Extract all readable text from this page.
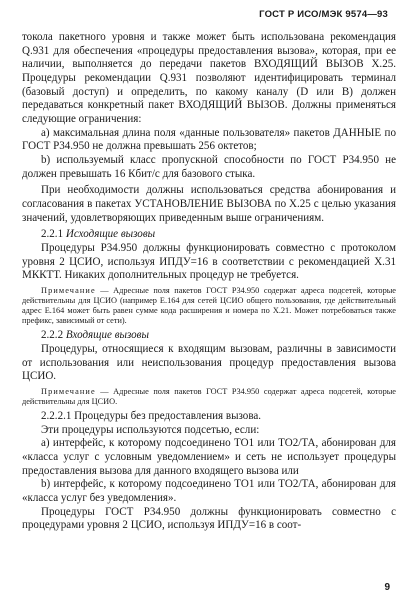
ГОСТ Р ИСО/МЭК 9574—93

токола пакетного уровня и также может быть использована рекомендация Q.931 для обеспечения «процедуры предоставления вызова», которая, при ее наличии, выполняется до передачи пакетов ВХОДЯЩИЙ ВЫЗОВ Х.25. Процедуры рекомендации Q.931 позволяют идентифицировать терминал (базовый доступ) и определить, по какому каналу (D или B) должен передаваться конкретный пакет ВХОДЯЩИЙ ВЫЗОВ. Должны применяться следующие ограничения:

а) максимальная длина поля «данные пользователя» пакетов ДАННЫЕ по ГОСТ Р34.950 не должна превышать 256 октетов;

b) используемый класс пропускной способности по ГОСТ Р34.950 не должен превышать 16 Кбит/с для базового стыка.

При необходимости должны использоваться средства абонирования и согласования в пакетах УСТАНОВЛЕНИЕ ВЫЗОВА по Х.25 с целью указания значений, удовлетворяющих приведенным выше ограничениям.

2.2.1 Исходящие вызовы

Процедуры Р34.950 должны функционировать совместно с протоколом уровня 2 ЦСИО, используя ИПДУ=16 в соответствии с рекомендацией Х.31 МККТТ. Никаких дополнительных процедур не требуется.

Примечание — Адресные поля пакетов ГОСТ Р34.950 содержат адреса подсетей, которые действительны для ЦСИО (например Е.164 для сетей ЦСИО общего пользования, где действительный адрес Е.164 может быть равен сумме кода расширения и номера по Х.21. Может потребоваться также префикс, зависимый от сети).

2.2.2 Входящие вызовы

Процедуры, относящиеся к входящим вызовам, различны в зависимости от использования или неиспользования процедур предоставления вызова ЦСИО.

Примечание — Адресные поля пакетов ГОСТ Р34.950 содержат адреса подсетей, которые действительны для ЦСИО.

2.2.2.1 Процедуры без предоставления вызова.

Эти процедуры используются подсетью, если:

а) интерфейс, к которому подсоединено ТО1 или ТО2/ТА, абонирован для «класса услуг с условным уведомлением» и сеть не использует процедуры предоставления вызова для данного входящего вызова или

b) интерфейс, к которому подсоединено ТО1 или ТО2/ТА, абонирован для «класса услуг без уведомления».

Процедуры ГОСТ Р34.950 должны функционировать совместно с процедурами уровня 2 ЦСИО, используя ИПДУ=16 в соот-

9
